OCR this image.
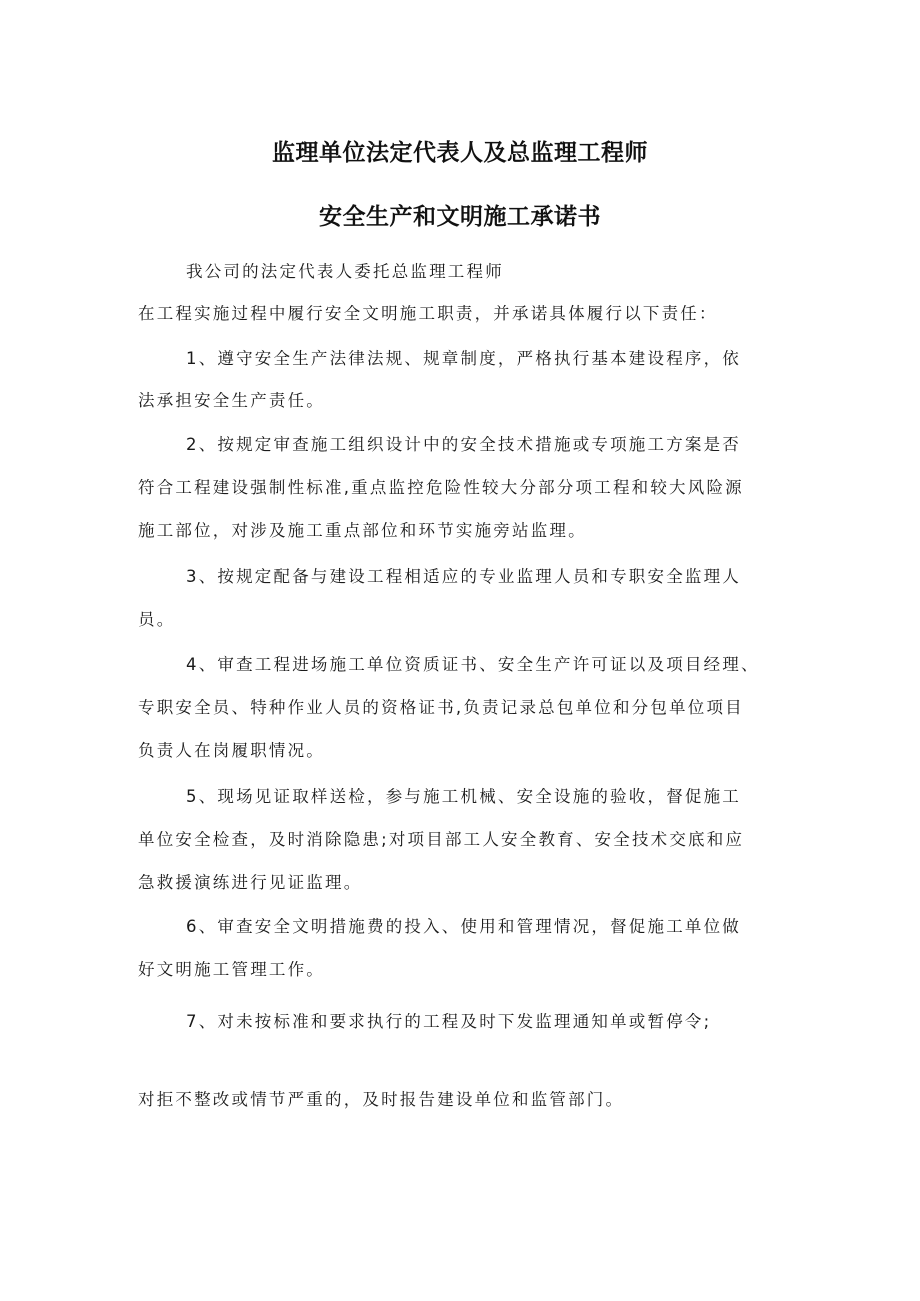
监理单位法定代表人及总监理工程师
安全生产和文明施工承诺书
我公司的法定代表人委托总监理工程师
在工程实施过程中履行安全文明施工职责，并承诺具体履行以下责任：
1、遵守安全生产法律法规、规章制度，严格执行基本建设程序，依
法承担安全生产责任。
2、按规定审查施工组织设计中的安全技术措施或专项施工方案是否
符合工程建设强制性标准,重点监控危险性较大分部分项工程和较大风险源
施工部位，对涉及施工重点部位和环节实施旁站监理。
3、按规定配备与建设工程相适应的专业监理人员和专职安全监理人
员。
4、审查工程进场施工单位资质证书、安全生产许可证以及项目经理、
专职安全员、特种作业人员的资格证书,负责记录总包单位和分包单位项目
负责人在岗履职情况。
5、现场见证取样送检，参与施工机械、安全设施的验收，督促施工
单位安全检查，及时消除隐患;对项目部工人安全教育、安全技术交底和应
急救援演练进行见证监理。
6、审查安全文明措施费的投入、使用和管理情况，督促施工单位做
好文明施工管理工作。
7、对未按标准和要求执行的工程及时下发监理通知单或暂停令;
对拒不整改或情节严重的，及时报告建设单位和监管部门。
